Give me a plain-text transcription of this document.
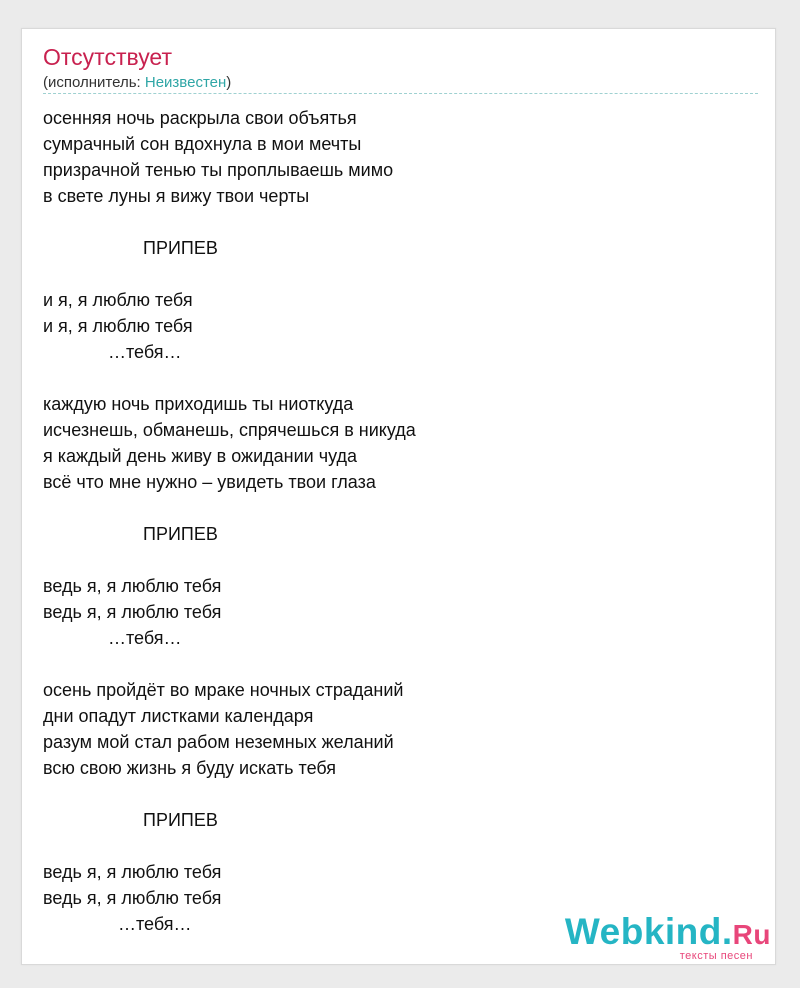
Отсутствует
(исполнитель: Неизвестен)
осенняя ночь раскрыла свои объятья
сумрачный сон вдохнула в мои мечты
призрачной тенью ты проплываешь мимо
в свете луны я вижу твои черты

ПРИПЕВ

и я, я люблю тебя
и я, я люблю тебя
…тебя…

каждую ночь приходишь ты ниоткуда
исчезнешь, обманешь, спрячешься в никуда
я каждый день живу в ожидании чуда
всё что мне нужно – увидеть твои глаза

ПРИПЕВ

ведь я, я люблю тебя
ведь я, я люблю тебя
…тебя…

осень пройдёт во мраке ночных страданий
дни опадут листками календаря
разум мой стал рабом неземных желаний
всю свою жизнь я буду искать тебя

ПРИПЕВ

ведь я, я люблю тебя
ведь я, я люблю тебя
…тебя…	Webkind.Ru
тексты песен
